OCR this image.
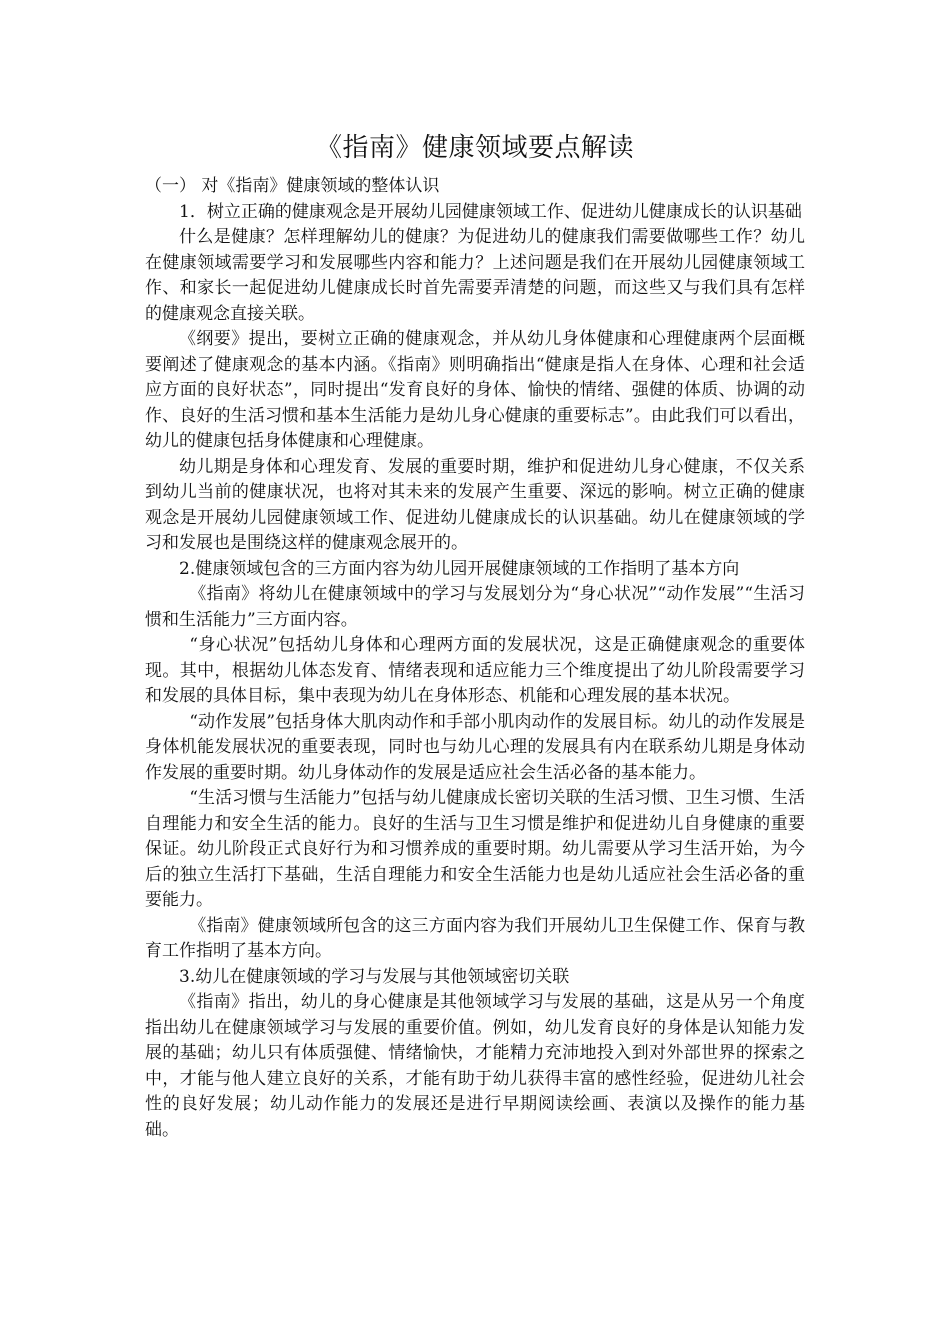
《指南》健康领域要点解读

（一） 对《指南》健康领域的整体认识

1．树立正确的健康观念是开展幼儿园健康领域工作、促进幼儿健康成长的认识基础

什么是健康？怎样理解幼儿的健康？为促进幼儿的健康我们需要做哪些工作？幼儿在健康领域需要学习和发展哪些内容和能力？上述问题是我们在开展幼儿园健康领域工作、和家长一起促进幼儿健康成长时首先需要弄清楚的问题，而这些又与我们具有怎样的健康观念直接关联。

《纲要》提出，要树立正确的健康观念，并从幼儿身体健康和心理健康两个层面概要阐述了健康观念的基本内涵。《指南》则明确指出“健康是指人在身体、心理和社会适应方面的良好状态”，同时提出“发育良好的身体、愉快的情绪、强健的体质、协调的动作、良好的生活习惯和基本生活能力是幼儿身心健康的重要标志”。由此我们可以看出，幼儿的健康包括身体健康和心理健康。

幼儿期是身体和心理发育、发展的重要时期，维护和促进幼儿身心健康，不仅关系到幼儿当前的健康状况，也将对其未来的发展产生重要、深远的影响。树立正确的健康观念是开展幼儿园健康领域工作、促进幼儿健康成长的认识基础。幼儿在健康领域的学习和发展也是围绕这样的健康观念展开的。

2.健康领域包含的三方面内容为幼儿园开展健康领域的工作指明了基本方向

《指南》将幼儿在健康领域中的学习与发展划分为“身心状况”“动作发展”“生活习惯和生活能力”三方面内容。

“身心状况”包括幼儿身体和心理两方面的发展状况，这是正确健康观念的重要体现。其中，根据幼儿体态发育、情绪表现和适应能力三个维度提出了幼儿阶段需要学习和发展的具体目标，集中表现为幼儿在身体形态、机能和心理发展的基本状况。

“动作发展”包括身体大肌肉动作和手部小肌肉动作的发展目标。幼儿的动作发展是身体机能发展状况的重要表现，同时也与幼儿心理的发展具有内在联系幼儿期是身体动作发展的重要时期。幼儿身体动作的发展是适应社会生活必备的基本能力。

“生活习惯与生活能力”包括与幼儿健康成长密切关联的生活习惯、卫生习惯、生活自理能力和安全生活的能力。良好的生活与卫生习惯是维护和促进幼儿自身健康的重要保证。幼儿阶段正式良好行为和习惯养成的重要时期。幼儿需要从学习生活开始，为今后的独立生活打下基础，生活自理能力和安全生活能力也是幼儿适应社会生活必备的重要能力。

《指南》健康领域所包含的这三方面内容为我们开展幼儿卫生保健工作、保育与教育工作指明了基本方向。

3.幼儿在健康领域的学习与发展与其他领域密切关联

《指南》指出，幼儿的身心健康是其他领域学习与发展的基础，这是从另一个角度指出幼儿在健康领域学习与发展的重要价值。例如，幼儿发育良好的身体是认知能力发展的基础；幼儿只有体质强健、情绪愉快，才能精力充沛地投入到对外部世界的探索之中，才能与他人建立良好的关系，才能有助于幼儿获得丰富的感性经验，促进幼儿社会性的良好发展；幼儿动作能力的发展还是进行早期阅读绘画、表演以及操作的能力基础。
